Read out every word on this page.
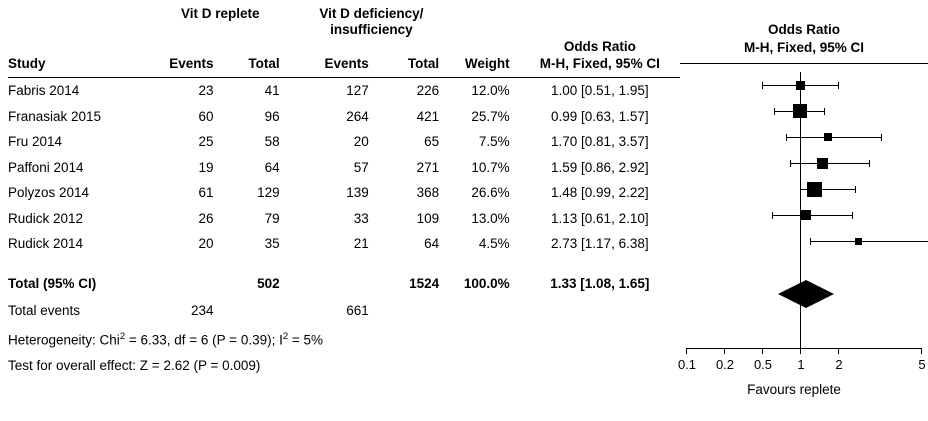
	Vit D replete		Vit D deficiency/			
			insufficiency			
Study	Events	Total	Events	Total	Weight	Odds Ratio
M-H, Fixed, 95% CI

Fabris 2014	23	41	127	226	12.0%	1.00 [0.51, 1.95]
Franasiak 2015	60	96	264	421	25.7%	0.99 [0.63, 1.57]
Fru 2014	25	58	20	65	7.5%	1.70 [0.81, 3.57]
Paffoni 2014	19	64	57	271	10.7%	1.59 [0.86, 2.92]
Polyzos 2014	61	129	139	368	26.6%	1.48 [0.99, 2.22]
Rudick 2012	26	79	33	109	13.0%	1.13 [0.61, 2.10]
Rudick 2014	20	35	21	64	4.5%	2.73 [1.17, 6.38]

Total (95% CI)		502		1524	100.0%	1.33 [1.08, 1.65]
Total events	234		661			
Heterogeneity: Chi$^2$ = 6.33, df = 6 (P = 0.39); $I^2 = 5\%$						
Test for overall effect: Z = 2.62 (P = 0.009)						
Odds Ratio
M-H, Fixed, 95% CI
0.1	0.2	0.5	1	2	5
Favours replete
